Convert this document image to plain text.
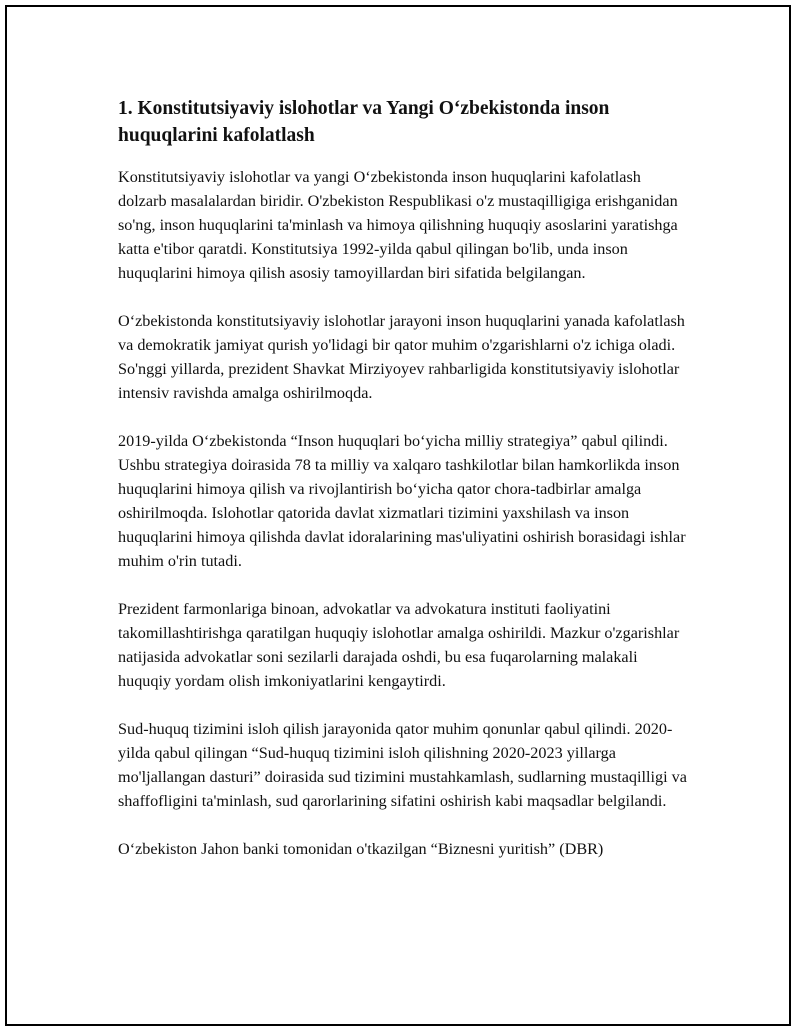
1. Konstitutsiyaviy islohotlar va Yangi O‘zbekistonda inson huquqlarini kafolatlash

Konstitutsiyaviy islohotlar va yangi O‘zbekistonda inson huquqlarini kafolatlash dolzarb masalalardan biridir. O'zbekiston Respublikasi o'z mustaqilligiga erishganidan so'ng, inson huquqlarini ta'minlash va himoya qilishning huquqiy asoslarini yaratishga katta e'tibor qaratdi. Konstitutsiya 1992-yilda qabul qilingan bo'lib, unda inson huquqlarini himoya qilish asosiy tamoyillardan biri sifatida belgilangan.

O‘zbekistonda konstitutsiyaviy islohotlar jarayoni inson huquqlarini yanada kafolatlash va demokratik jamiyat qurish yo'lidagi bir qator muhim o'zgarishlarni o'z ichiga oladi. So'nggi yillarda, prezident Shavkat Mirziyoyev rahbarligida konstitutsiyaviy islohotlar intensiv ravishda amalga oshirilmoqda.

2019-yilda O‘zbekistonda “Inson huquqlari bo‘yicha milliy strategiya” qabul qilindi. Ushbu strategiya doirasida 78 ta milliy va xalqaro tashkilotlar bilan hamkorlikda inson huquqlarini himoya qilish va rivojlantirish bo‘yicha qator chora-tadbirlar amalga oshirilmoqda. Islohotlar qatorida davlat xizmatlari tizimini yaxshilash va inson huquqlarini himoya qilishda davlat idoralarining mas'uliyatini oshirish borasidagi ishlar muhim o'rin tutadi.

Prezident farmonlariga binoan, advokatlar va advokatura instituti faoliyatini takomillashtirishga qaratilgan huquqiy islohotlar amalga oshirildi. Mazkur o'zgarishlar natijasida advokatlar soni sezilarli darajada oshdi, bu esa fuqarolarning malakali huquqiy yordam olish imkoniyatlarini kengaytirdi.

Sud-huquq tizimini isloh qilish jarayonida qator muhim qonunlar qabul qilindi. 2020-yilda qabul qilingan “Sud-huquq tizimini isloh qilishning 2020-2023 yillarga mo'ljallangan dasturi” doirasida sud tizimini mustahkamlash, sudlarning mustaqilligi va shaffofligini ta'minlash, sud qarorlarining sifatini oshirish kabi maqsadlar belgilandi.

O‘zbekiston Jahon banki tomonidan o'tkazilgan “Biznesni yuritish” (DBR)
